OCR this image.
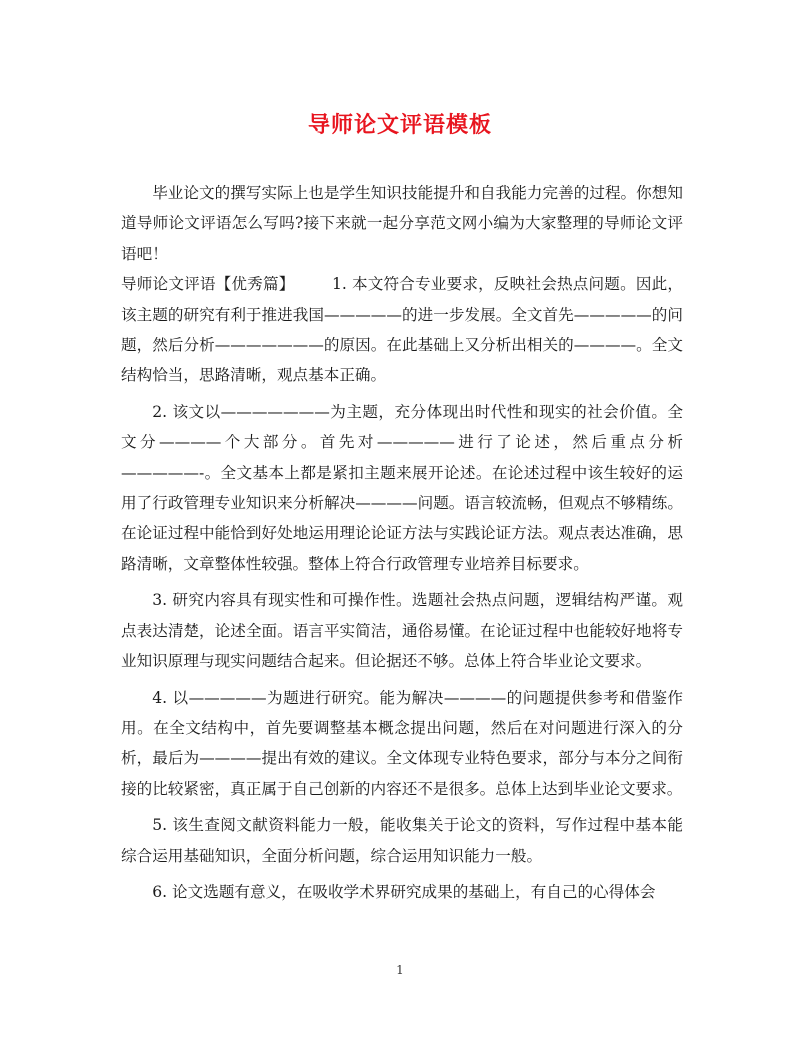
导师论文评语模板

毕业论文的撰写实际上也是学生知识技能提升和自我能力完善的过程。你想知道导师论文评语怎么写吗?接下来就一起分享范文网小编为大家整理的导师论文评语吧！

导师论文评语【优秀篇】 1. 本文符合专业要求，反映社会热点问题。因此，该主题的研究有利于推进我国—————的进一步发展。全文首先—————的问题，然后分析———————的原因。在此基础上又分析出相关的————。全文结构恰当，思路清晰，观点基本正确。

2. 该文以———————为主题，充分体现出时代性和现实的社会价值。全文分————个大部分。首先对—————进行了论述，然后重点分析—————-。全文基本上都是紧扣主题来展开论述。在论述过程中该生较好的运用了行政管理专业知识来分析解决————问题。语言较流畅，但观点不够精练。在论证过程中能恰到好处地运用理论论证方法与实践论证方法。观点表达准确，思路清晰，文章整体性较强。整体上符合行政管理专业培养目标要求。

3. 研究内容具有现实性和可操作性。选题社会热点问题，逻辑结构严谨。观点表达清楚，论述全面。语言平实简洁，通俗易懂。在论证过程中也能较好地将专业知识原理与现实问题结合起来。但论据还不够。总体上符合毕业论文要求。

4. 以—————为题进行研究。能为解决————的问题提供参考和借鉴作用。在全文结构中，首先要调整基本概念提出问题，然后在对问题进行深入的分析，最后为————提出有效的建议。全文体现专业特色要求，部分与本分之间衔接的比较紧密，真正属于自己创新的内容还不是很多。总体上达到毕业论文要求。

5. 该生查阅文献资料能力一般，能收集关于论文的资料，写作过程中基本能综合运用基础知识，全面分析问题，综合运用知识能力一般。

6. 论文选题有意义，在吸收学术界研究成果的基础上，有自己的心得体会

1
